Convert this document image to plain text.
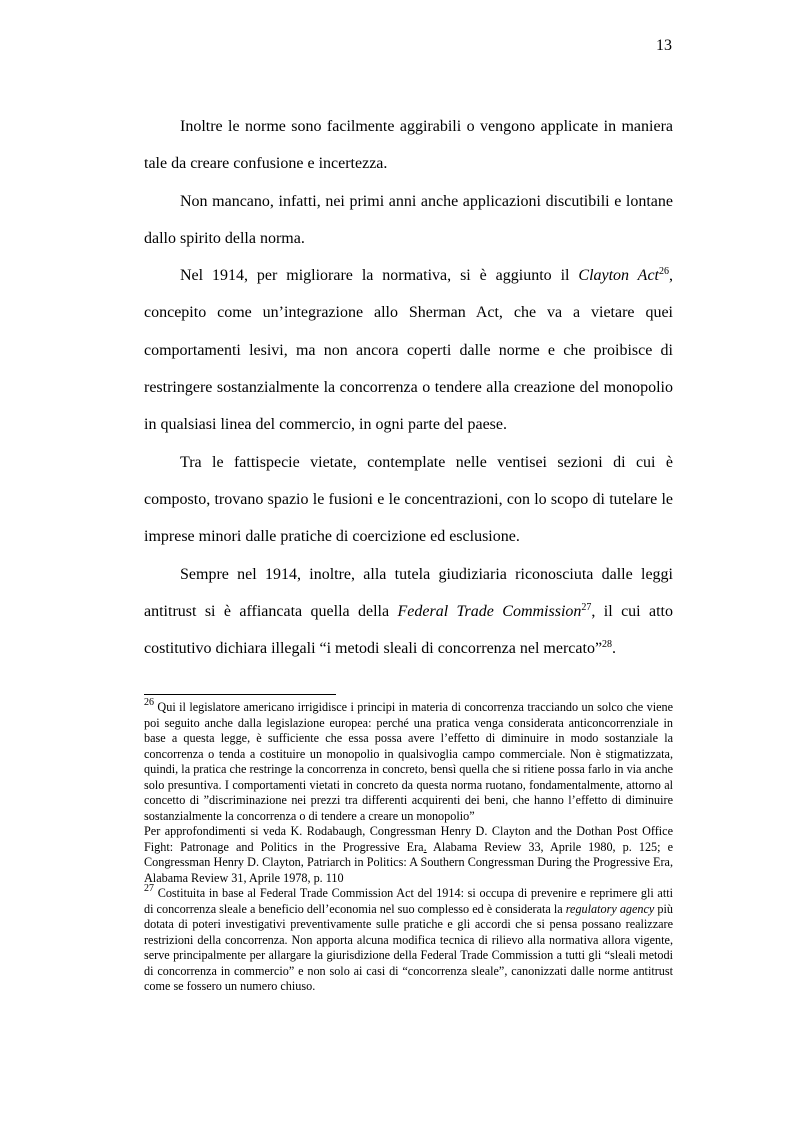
13

Inoltre le norme sono facilmente aggirabili o vengono applicate in maniera tale da creare confusione e incertezza.

Non mancano, infatti, nei primi anni anche applicazioni discutibili e lontane dallo spirito della norma.

Nel 1914, per migliorare la normativa, si è aggiunto il Clayton Act$^{26}$, concepito come un’integrazione allo Sherman Act, che va a vietare quei comportamenti lesivi, ma non ancora coperti dalle norme e che proibisce di restringere sostanzialmente la concorrenza o tendere alla creazione del monopolio in qualsiasi linea del commercio, in ogni parte del paese.

Tra le fattispecie vietate, contemplate nelle ventisei sezioni di cui è composto, trovano spazio le fusioni e le concentrazioni, con lo scopo di tutelare le imprese minori dalle pratiche di coercizione ed esclusione.

Sempre nel 1914, inoltre, alla tutela giudiziaria riconosciuta dalle leggi antitrust si è affiancata quella della Federal Trade Commission$^{27}$, il cui atto costitutivo dichiara illegali “i metodi sleali di concorrenza nel mercato”$^{28}$.

$^{26}$ Qui il legislatore americano irrigidisce i principi in materia di concorrenza tracciando un solco che viene poi seguito anche dalla legislazione europea: perché una pratica venga considerata anticoncorrenziale in base a questa legge, è sufficiente che essa possa avere l’effetto di diminuire in modo sostanziale la concorrenza o tenda a costituire un monopolio in qualsivoglia campo commerciale. Non è stigmatizzata, quindi, la pratica che restringe la concorrenza in concreto, bensì quella che si ritiene possa farlo in via anche solo presuntiva. I comportamenti vietati in concreto da questa norma ruotano, fondamentalmente, attorno al concetto di ”discriminazione nei prezzi tra differenti acquirenti dei beni, che hanno l’effetto di diminuire sostanzialmente la concorrenza o di tendere a creare un monopolio”

Per approfondimenti si veda K. Rodabaugh, Congressman Henry D. Clayton and the Dothan Post Office Fight: Patronage and Politics in the Progressive Era. Alabama Review 33, Aprile 1980, p. 125; e Congressman Henry D. Clayton, Patriarch in Politics: A Southern Congressman During the Progressive Era, Alabama Review 31, Aprile 1978, p. 110

$^{27}$ Costituita in base al Federal Trade Commission Act del 1914: si occupa di prevenire e reprimere gli atti di concorrenza sleale a beneficio dell’economia nel suo complesso ed è considerata la regulatory agency più dotata di poteri investigativi preventivamente sulle pratiche e gli accordi che si pensa possano realizzare restrizioni della concorrenza. Non apporta alcuna modifica tecnica di rilievo alla normativa allora vigente, serve principalmente per allargare la giurisdizione della Federal Trade Commission a tutti gli “sleali metodi di concorrenza in commercio” e non solo ai casi di “concorrenza sleale”, canonizzati dalle norme antitrust come se fossero un numero chiuso.
